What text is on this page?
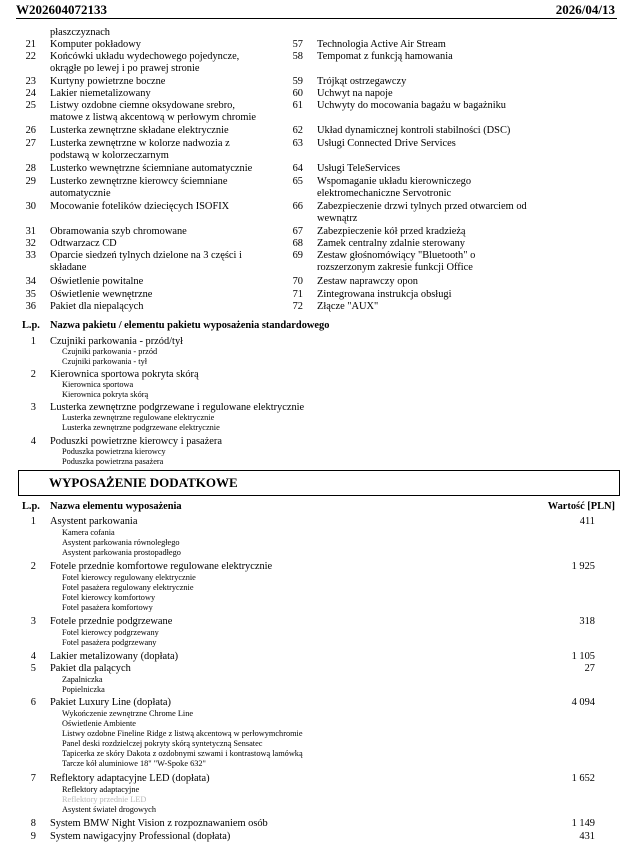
W202604072133	2026/04/13
płaszczyznach
21 Komputer pokładowy
22 Końcówki układu wydechowego pojedyncze,
okrągłe po lewej i po prawej stronie
23 Kurtyny powietrzne boczne
24 Lakier niemetalizowany
25 Listwy ozdobne ciemne oksydowane srebro,
matowe z listwą akcentową w perłowym chromie
26 Lusterka zewnętrzne składane elektrycznie
27 Lusterka zewnętrzne w kolorze nadwozia z
podstawą w kolorzeczarnym
28 Lusterko wewnętrzne ściemniane automatycznie
29 Lusterko zewnętrzne kierowcy ściemniane
automatycznie
30 Mocowanie fotelików dziecięcych ISOFIX
31 Obramowania szyb chromowane
32 Odtwarzacz CD
33 Oparcie siedzeń tylnych dzielone na 3 części i
składane
34 Oświetlenie powitalne
35 Oświetlenie wewnętrzne
36 Pakiet dla niepalących
57 Technologia Active Air Stream
58 Tempomat z funkcją hamowania
59 Trójkąt ostrzegawczy
60 Uchwyt na napoje
61 Uchwyty do mocowania bagażu w bagażniku
62 Układ dynamicznej kontroli stabilności (DSC)
63 Usługi Connected Drive Services
64 Usługi TeleServices
65 Wspomaganie układu kierowniczego
elektromechaniczne Servotronic
66 Zabezpieczenie drzwi tylnych przed otwarciem od
wewnątrz
67 Zabezpieczenie kół przed kradzieżą
68 Zamek centralny zdalnie sterowany
69 Zestaw głośnomówiący "Bluetooth" o
rozszerzonym zakresie funkcji Office
70 Zestaw naprawczy opon
71 Zintegrowana instrukcja obsługi
72 Złącze "AUX"
L.p. Nazwa pakietu / elementu pakietu wyposażenia standardowego
1 Czujniki parkowania - przód/tył
Czujniki parkowania - przód
Czujniki parkowania - tył
2 Kierownica sportowa pokryta skórą
Kierownica sportowa
Kierownica pokryta skórą
3 Lusterka zewnętrzne podgrzewane i regulowane elektrycznie
Lusterka zewnętrzne regulowane elektrycznie
Lusterka zewnętrzne podgrzewane elektrycznie
4 Poduszki powietrzne kierowcy i pasażera
Poduszka powietrzna kierowcy
Poduszka powietrzna pasażera
WYPOSAŻENIE DODATKOWE
L.p. Nazwa elementu wyposażenia	Wartość [PLN]
1 Asystent parkowania	411
Kamera cofania
Asystent parkowania równoległego
Asystent parkowania prostopadłego
2 Fotele przednie komfortowe regulowane elektrycznie	1 925
Fotel kierowcy regulowany elektrycznie
Fotel pasażera regulowany elektrycznie
Fotel kierowcy komfortowy
Fotel pasażera komfortowy
3 Fotele przednie podgrzewane	318
Fotel kierowcy podgrzewany
Fotel pasażera podgrzewany
4 Lakier metalizowany (dopłata)	1 105
5 Pakiet dla palących	27
Zapalniczka
Popielniczka
6 Pakiet Luxury Line (dopłata)	4 094
Wykończenie zewnętrzne Chrome Line
Oświetlenie Ambiente
Listwy ozdobne Fineline Ridge z listwą akcentową w perłowymchromie
Panel deski rozdzielczej pokryty skórą syntetyczną Sensatec
Tapicerka ze skóry Dakota z ozdobnymi szwami i kontrastową lamówką
Tarcze kół aluminiowe 18" "W-Spoke 632"
7 Reflektory adaptacyjne LED (dopłata)	1 652
Reflektory adaptacyjne
Reflektory przednie LED
Asystent świateł drogowych
8 System BMW Night Vision z rozpoznawaniem osób	1 149
9 System nawigacyjny Professional (dopłata)	431
